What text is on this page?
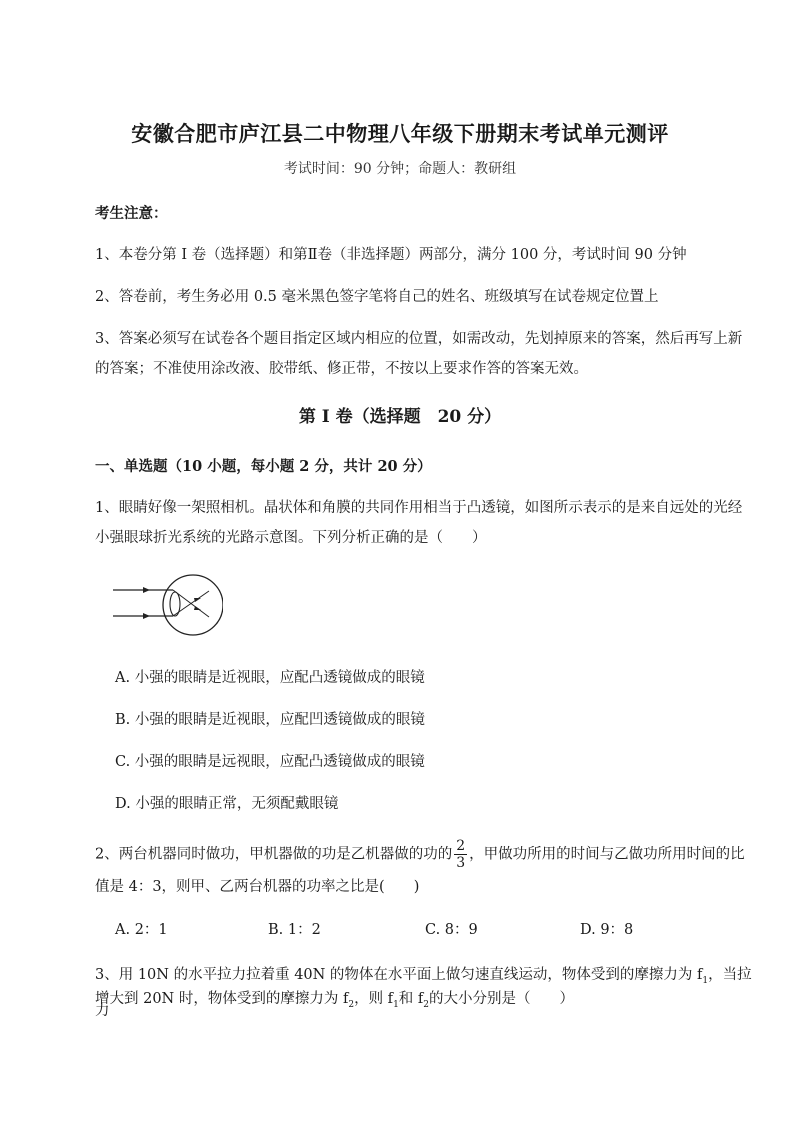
安徽合肥市庐江县二中物理八年级下册期末考试单元测评
考试时间：90 分钟；命题人：教研组
考生注意：
1、本卷分第 I 卷（选择题）和第Ⅱ卷（非选择题）两部分，满分 100 分，考试时间 90 分钟
2、答卷前，考生务必用 0.5 毫米黑色签字笔将自己的姓名、班级填写在试卷规定位置上
3、答案必须写在试卷各个题目指定区域内相应的位置，如需改动，先划掉原来的答案，然后再写上新的答案；不准使用涂改液、胶带纸、修正带，不按以上要求作答的答案无效。
第 I 卷（选择题　20 分）
一、单选题（10 小题，每小题 2 分，共计 20 分）
1、眼睛好像一架照相机。晶状体和角膜的共同作用相当于凸透镜，如图所示表示的是来自远处的光经小强眼球折光系统的光路示意图。下列分析正确的是（　　）
A. 小强的眼睛是近视眼，应配凸透镜做成的眼镜
B. 小强的眼睛是近视眼，应配凹透镜做成的眼镜
C. 小强的眼睛是远视眼，应配凸透镜做成的眼镜
D. 小强的眼睛正常，无须配戴眼镜
2、两台机器同时做功，甲机器做的功是乙机器做的功的 $\frac{2}{3}$ ，甲做功所用的时间与乙做功所用时间的比
值是 4：3，则甲、乙两台机器的功率之比是(　　)
A. 2：1	B. 1：2	C. 8：9	D. 9：8
3、用 10N 的水平拉力拉着重 40N 的物体在水平面上做匀速直线运动，物体受到的摩擦力为 $f_1$，当拉力
增大到 20N 时，物体受到的摩擦力为 $f_2$，则 $f_1$和 $f_2$的大小分别是（　　）
